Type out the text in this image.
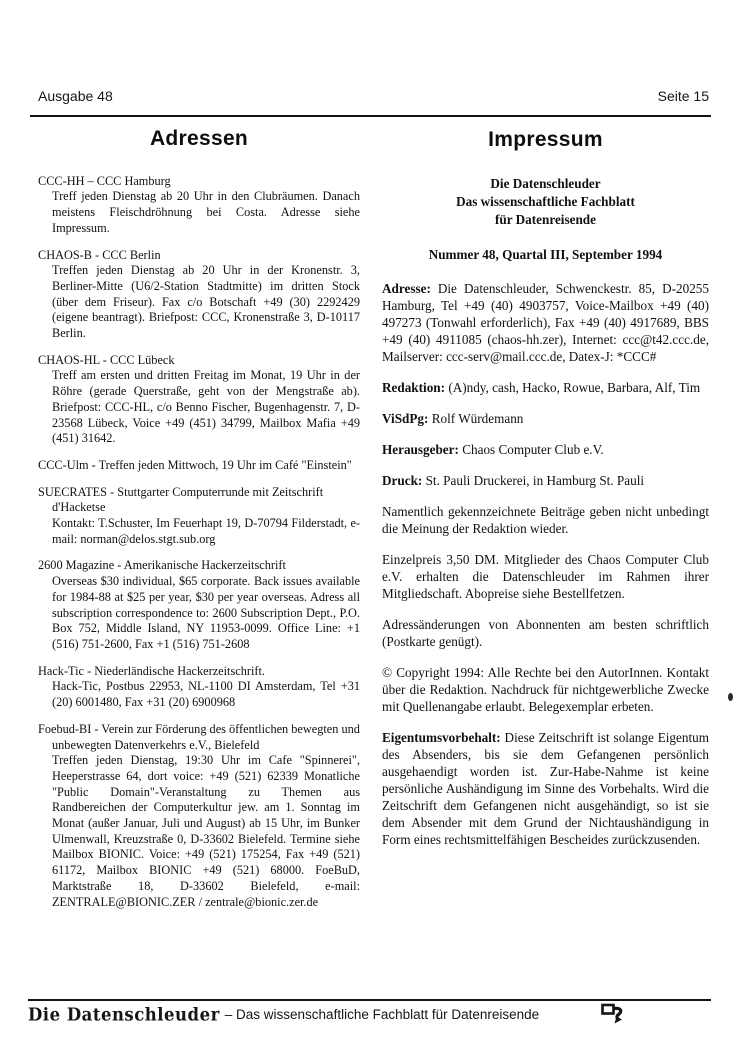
Ausgabe 48	Seite 15
Adressen
CCC-HH – CCC Hamburg
Treff jeden Dienstag ab 20 Uhr in den Clubräumen. Danach meistens Fleischdröhnung bei Costa. Adresse siehe Impressum.
CHAOS-B - CCC Berlin
Treffen jeden Dienstag ab 20 Uhr in der Kronenstr. 3, Berliner-Mitte (U6/2-Station Stadtmitte) im dritten Stock (über dem Friseur). Fax c/o Botschaft +49 (30) 2292429 (eigene beantragt). Briefpost: CCC, Kronenstraße 3, D-10117 Berlin.
CHAOS-HL - CCC Lübeck
Treff am ersten und dritten Freitag im Monat, 19 Uhr in der Röhre (gerade Querstraße, geht von der Mengstraße ab). Briefpost: CCC-HL, c/o Benno Fischer, Bugenhagenstr. 7, D-23568 Lübeck, Voice +49 (451) 34799, Mailbox Mafia +49 (451) 31642.
CCC-Ulm - Treffen jeden Mittwoch, 19 Uhr im Café "Einstein"
SUECRATES - Stuttgarter Computerrunde mit Zeitschrift d'Hacketse
Kontakt: T.Schuster, Im Feuerhapt 19, D-70794 Filderstadt, e-mail: norman@delos.stgt.sub.org
2600 Magazine - Amerikanische Hackerzeitschrift
Overseas $30 individual, $65 corporate. Back issues available for 1984-88 at $25 per year, $30 per year overseas. Adress all subscription correspondence to: 2600 Subscription Dept., P.O. Box 752, Middle Island, NY 11953-0099. Office Line: +1 (516) 751-2600, Fax +1 (516) 751-2608
Hack-Tic - Niederländische Hackerzeitschrift.
Hack-Tic, Postbus 22953, NL-1100 DI Amsterdam, Tel +31 (20) 6001480, Fax +31 (20) 6900968
Foebud-BI - Verein zur Förderung des öffentlichen bewegten und unbewegten Datenverkehrs e.V., Bielefeld
Treffen jeden Dienstag, 19:30 Uhr im Cafe "Spinnerei", Heeperstrasse 64, dort voice: +49 (521) 62339 Monatliche "Public Domain"-Veranstaltung zu Themen aus Randbereichen der Computerkultur jew. am 1. Sonntag im Monat (außer Januar, Juli und August) ab 15 Uhr, im Bunker Ulmenwall, Kreuzstraße 0, D-33602 Bielefeld. Termine siehe Mailbox BIONIC. Voice: +49 (521) 175254, Fax +49 (521) 61172, Mailbox BIONIC +49 (521) 68000. FoeBuD, Marktstraße 18, D-33602 Bielefeld, e-mail: ZENTRALE@BIONIC.ZER / zentrale@bionic.zer.de
Impressum
Die Datenschleuder
Das wissenschaftliche Fachblatt
für Datenreisende
Nummer 48, Quartal III, September 1994

Adresse: Die Datenschleuder, Schwenckestr. 85, D-20255 Hamburg, Tel +49 (40) 4903757, Voice-Mailbox +49 (40) 497273 (Tonwahl erforderlich), Fax +49 (40) 4917689, BBS +49 (40) 4911085 (chaos-hh.zer), Internet: ccc@t42.ccc.de, Mailserver: ccc-serv@mail.ccc.de, Datex-J: *CCC#

Redaktion: (A)ndy, cash, Hacko, Rowue, Barbara, Alf, Tim

ViSdPg: Rolf Würdemann

Herausgeber: Chaos Computer Club e.V.

Druck: St. Pauli Druckerei, in Hamburg St. Pauli

Namentlich gekennzeichnete Beiträge geben nicht unbedingt die Meinung der Redaktion wieder.

Einzelpreis 3,50 DM. Mitglieder des Chaos Computer Club e.V. erhalten die Datenschleuder im Rahmen ihrer Mitgliedschaft. Abopreise siehe Bestellfetzen.

Adressänderungen von Abonnenten am besten schriftlich (Postkarte genügt).

© Copyright 1994: Alle Rechte bei den AutorInnen. Kontakt über die Redaktion. Nachdruck für nichtgewerbliche Zwecke mit Quellenangabe erlaubt. Belegexemplar erbeten.

Eigentumsvorbehalt: Diese Zeitschrift ist solange Eigentum des Absenders, bis sie dem Gefangenen persönlich ausgehaendigt worden ist. Zur-Habe-Nahme ist keine persönliche Aushändigung im Sinne des Vorbehalts. Wird die Zeitschrift dem Gefangenen nicht ausgehändigt, so ist sie dem Absender mit dem Grund der Nichtaushändigung in Form eines rechtsmittelfähigen Bescheides zurückzusenden.

Die Datenschleuder – Das wissenschaftliche Fachblatt für Datenreisende
